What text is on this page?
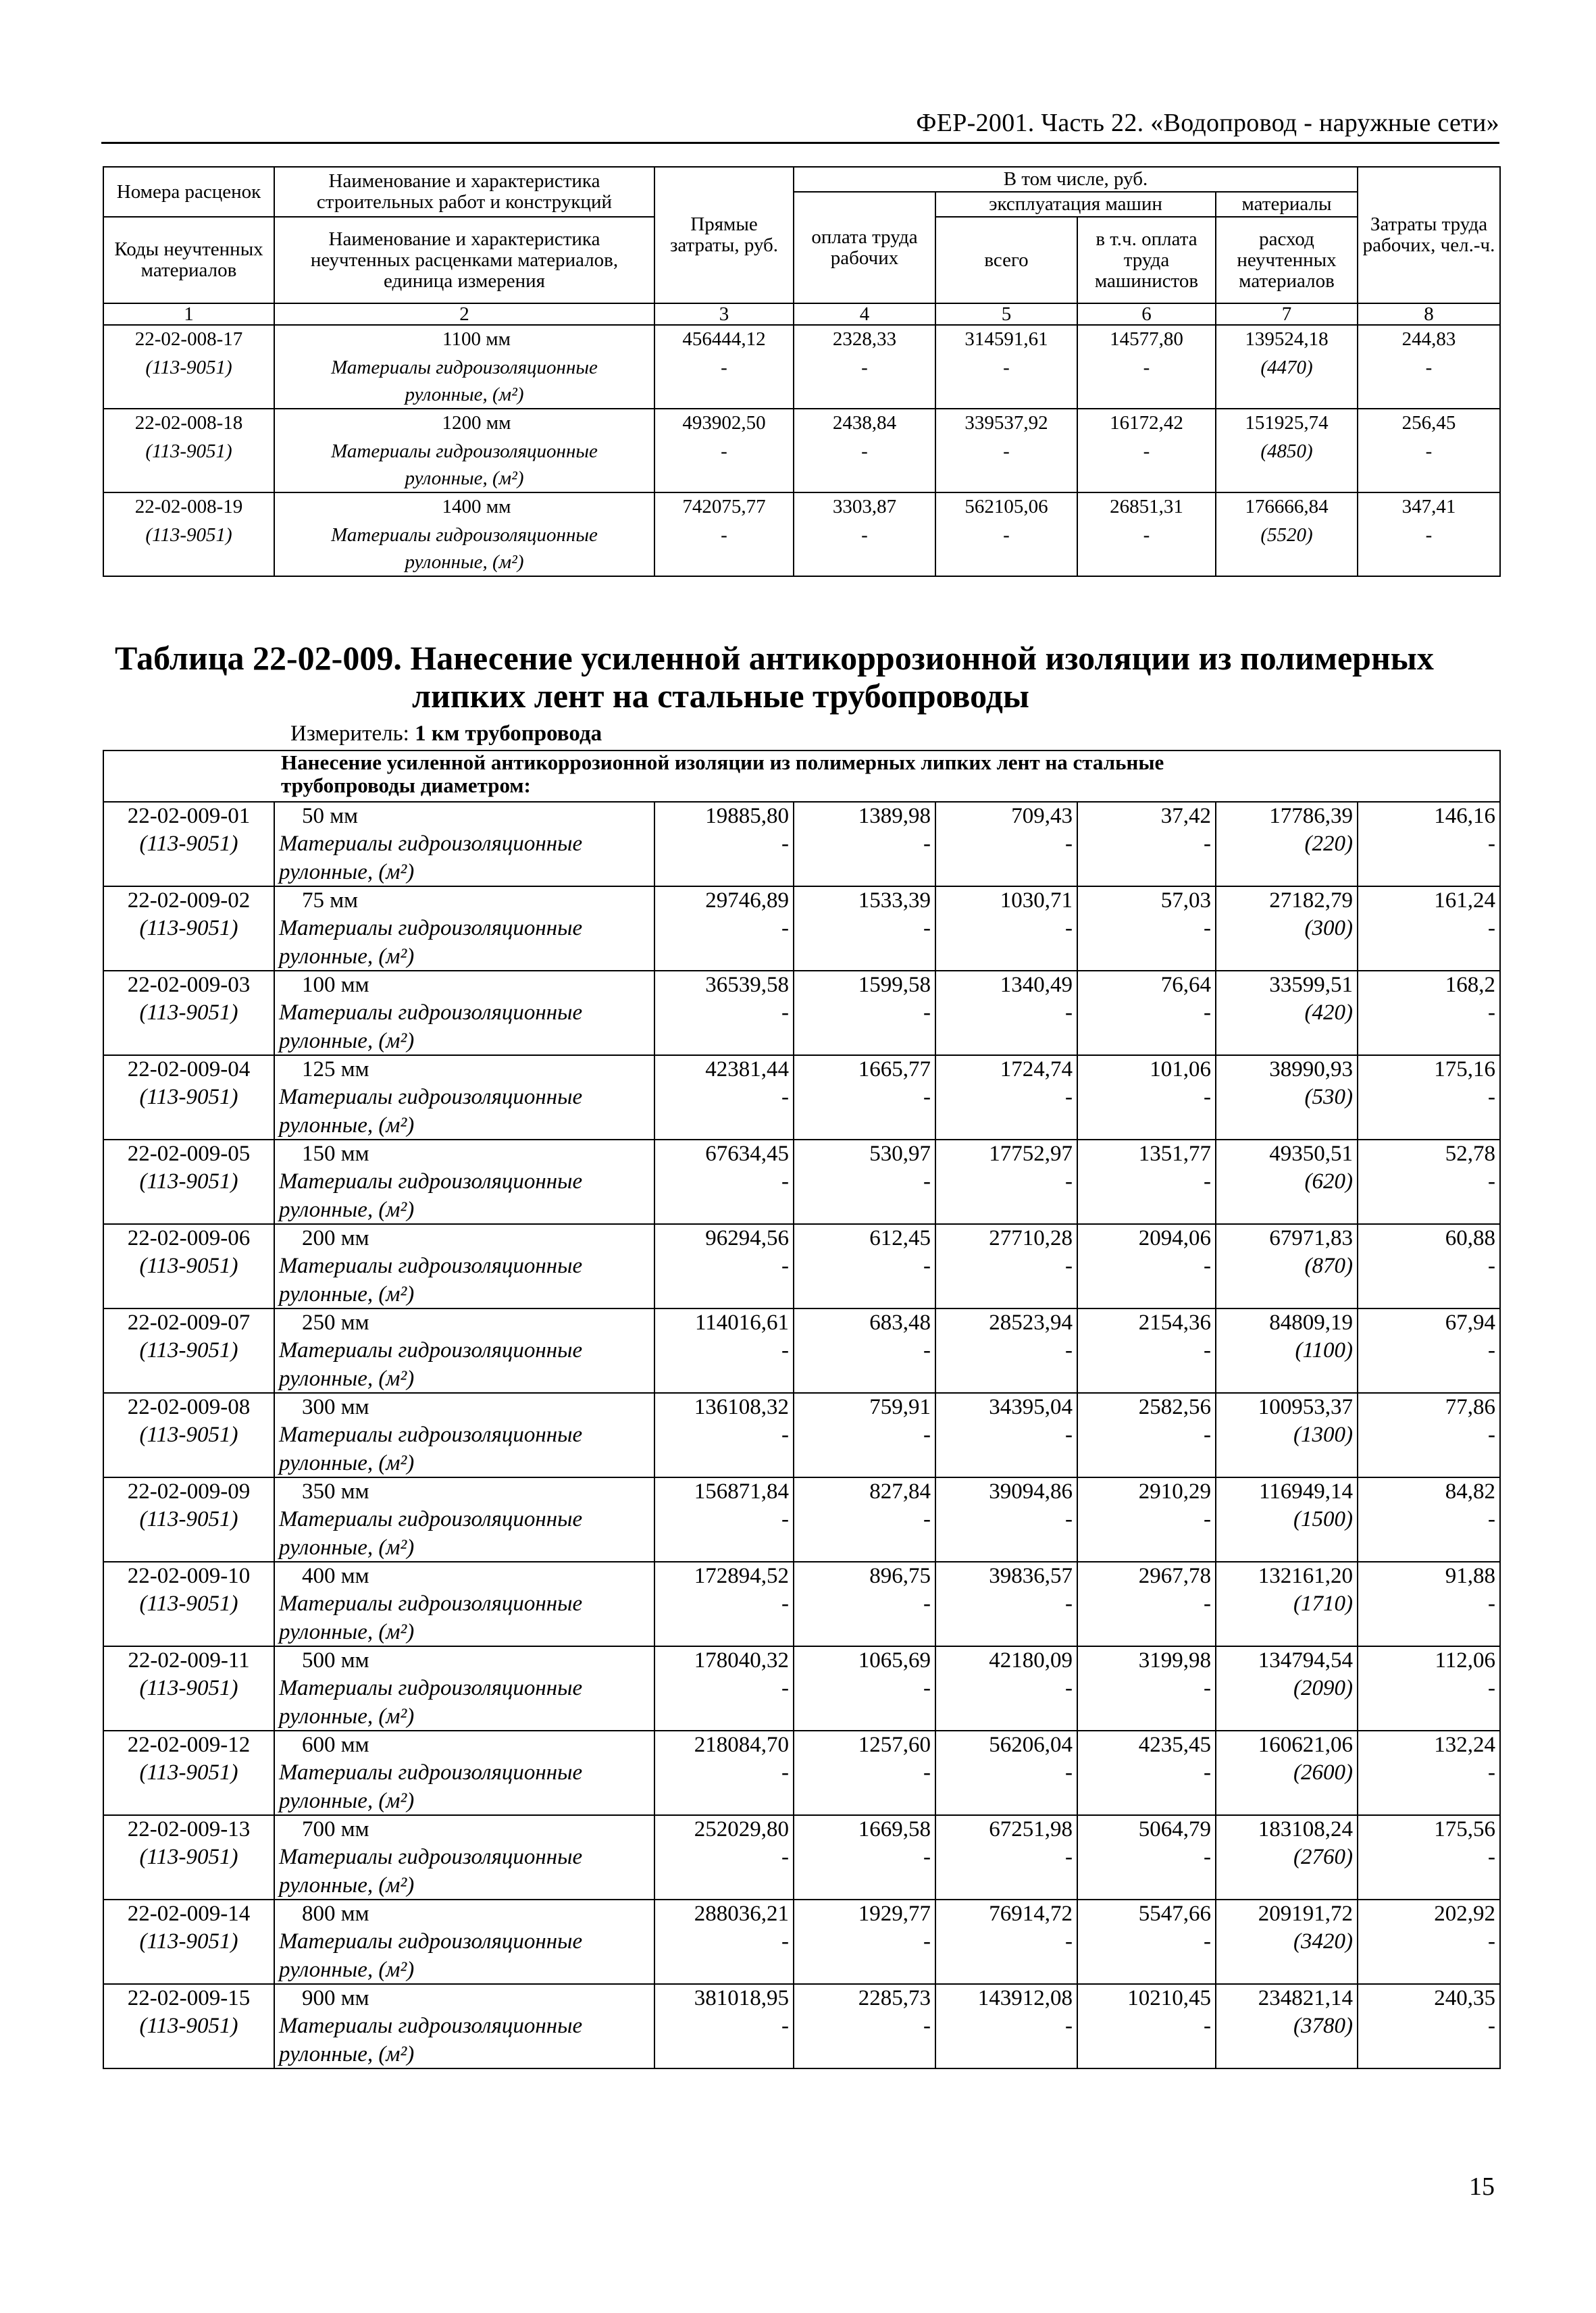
ФЕР-2001. Часть 22. «Водопровод - наружные сети»
Номера расценок	Наименование и характеристика строительных работ и конструкций	Прямые затраты, руб.	В том числе, руб.				Затраты труда рабочих, чел.-ч.
			оплата труда рабочих	эксплуатация машин		материалы	
Коды неучтенных материалов	Наименование и характеристика неучтенных расценками материалов, единица измерения			всего	в т.ч. оплата труда машинистов	расход неучтенных материалов	

1	2	3	4	5	6	7	8
22-02-008-17	1100 мм	456444,12	2328,33	314591,61	14577,80	139524,18	244,83
(113-9051)	Материалы гидроизоляционные	-	-	-	-	(4470)	-
	рулонные, (м²)						
22-02-008-18	1200 мм	493902,50	2438,84	339537,92	16172,42	151925,74	256,45
(113-9051)	Материалы гидроизоляционные	-	-	-	-	(4850)	-
	рулонные, (м²)						
22-02-008-19	1400 мм	742075,77	3303,87	562105,06	26851,31	176666,84	347,41
(113-9051)	Материалы гидроизоляционные	-	-	-	-	(5520)	-
	рулонные, (м²)						
Таблица 22-02-009. Нанесение усиленной антикоррозионной изоляции из полимерных
липких лент на стальные трубопроводы
Измеритель: 1 км трубопровода

	Нанесение усиленной антикоррозионной изоляции из полимерных липких лент на стальные
трубопроводы диаметром:						

22-02-009-01	50 мм	19885,80	1389,98	709,43	37,42	17786,39	146,16
(113-9051)	Материалы гидроизоляционные	-	-	-	-	(220)	-
	рулонные, (м²)						
22-02-009-02	75 мм	29746,89	1533,39	1030,71	57,03	27182,79	161,24
(113-9051)	Материалы гидроизоляционные	-	-	-	-	(300)	-
	рулонные, (м²)						
22-02-009-03	100 мм	36539,58	1599,58	1340,49	76,64	33599,51	168,2
(113-9051)	Материалы гидроизоляционные	-	-	-	-	(420)	-
	рулонные, (м²)						
22-02-009-04	125 мм	42381,44	1665,77	1724,74	101,06	38990,93	175,16
(113-9051)	Материалы гидроизоляционные	-	-	-	-	(530)	-
	рулонные, (м²)						
22-02-009-05	150 мм	67634,45	530,97	17752,97	1351,77	49350,51	52,78
(113-9051)	Материалы гидроизоляционные	-	-	-	-	(620)	-
	рулонные, (м²)						
22-02-009-06	200 мм	96294,56	612,45	27710,28	2094,06	67971,83	60,88
(113-9051)	Материалы гидроизоляционные	-	-	-	-	(870)	-
	рулонные, (м²)						
22-02-009-07	250 мм	114016,61	683,48	28523,94	2154,36	84809,19	67,94
(113-9051)	Материалы гидроизоляционные	-	-	-	-	(1100)	-
	рулонные, (м²)						
22-02-009-08	300 мм	136108,32	759,91	34395,04	2582,56	100953,37	77,86
(113-9051)	Материалы гидроизоляционные	-	-	-	-	(1300)	-
	рулонные, (м²)						
22-02-009-09	350 мм	156871,84	827,84	39094,86	2910,29	116949,14	84,82
(113-9051)	Материалы гидроизоляционные	-	-	-	-	(1500)	-
	рулонные, (м²)						
22-02-009-10	400 мм	172894,52	896,75	39836,57	2967,78	132161,20	91,88
(113-9051)	Материалы гидроизоляционные	-	-	-	-	(1710)	-
	рулонные, (м²)						
22-02-009-11	500 мм	178040,32	1065,69	42180,09	3199,98	134794,54	112,06
(113-9051)	Материалы гидроизоляционные	-	-	-	-	(2090)	-
	рулонные, (м²)						
22-02-009-12	600 мм	218084,70	1257,60	56206,04	4235,45	160621,06	132,24
(113-9051)	Материалы гидроизоляционные	-	-	-	-	(2600)	-
	рулонные, (м²)						
22-02-009-13	700 мм	252029,80	1669,58	67251,98	5064,79	183108,24	175,56
(113-9051)	Материалы гидроизоляционные	-	-	-	-	(2760)	-
	рулонные, (м²)						
22-02-009-14	800 мм	288036,21	1929,77	76914,72	5547,66	209191,72	202,92
(113-9051)	Материалы гидроизоляционные	-	-	-	-	(3420)	-
	рулонные, (м²)						
22-02-009-15	900 мм	381018,95	2285,73	143912,08	10210,45	234821,14	240,35
(113-9051)	Материалы гидроизоляционные	-	-	-	-	(3780)	-
	рулонные, (м²)						
15
